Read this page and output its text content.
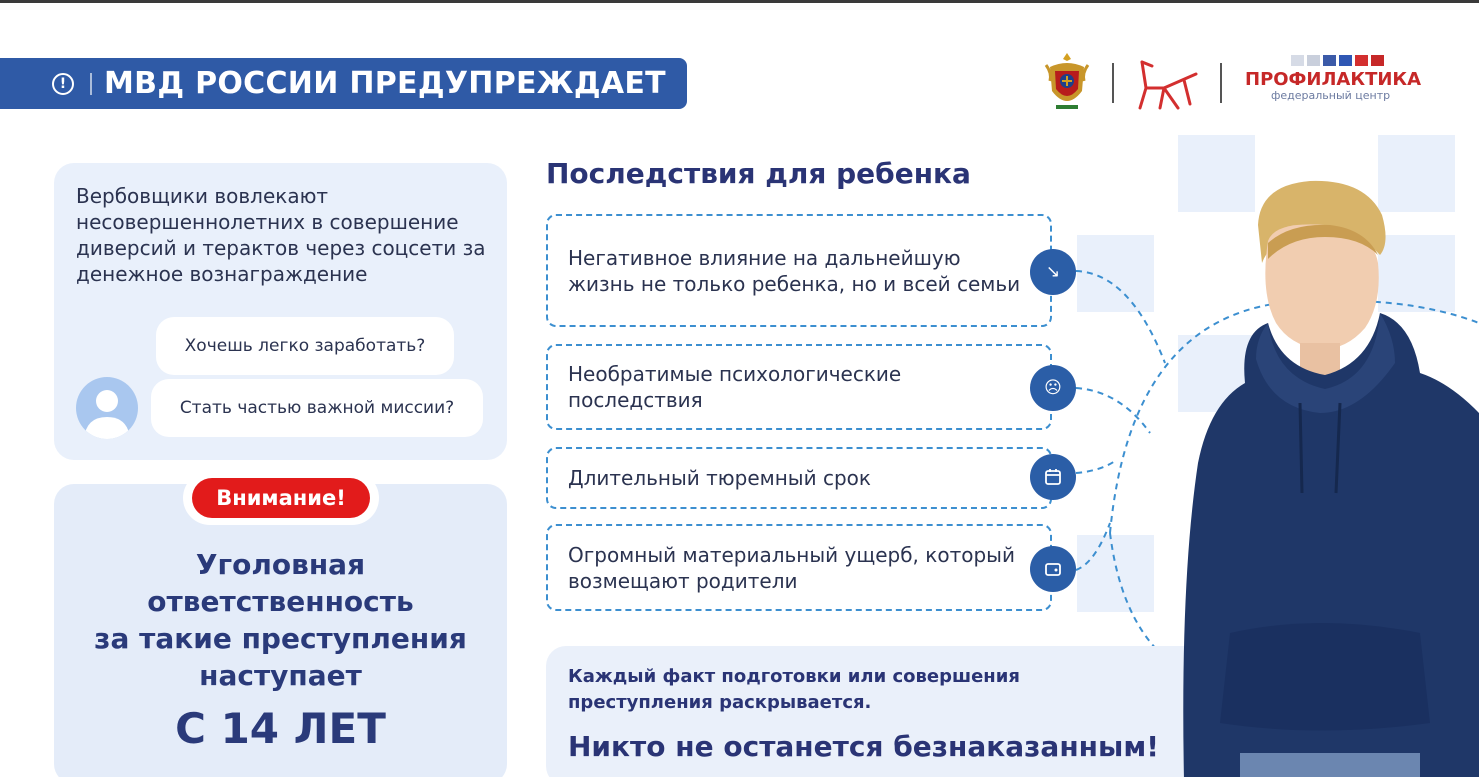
! МВД РОССИИ ПРЕДУПРЕЖДАЕТ	ПРОФИЛАКТИКА
федеральный центр
Вербовщики вовлекают несовершеннолетних в совершение диверсий и терактов через соцсети за денежное вознаграждение
Хочешь легко заработать?
Стать частью важной миссии?
Внимание!
Уголовная
ответственность
за такие преступления
наступает
С 14 ЛЕТ
Последствия для ребенка
Негативное влияние на дальнейшую жизнь не только ребенка, но и всей семьи
Необратимые психологические последствия
Длительный тюремный срок
Огромный материальный ущерб, который возмещают родители
↘
☹
Каждый факт подготовки или совершения преступления раскрывается.
Никто не останется безнаказанным!
